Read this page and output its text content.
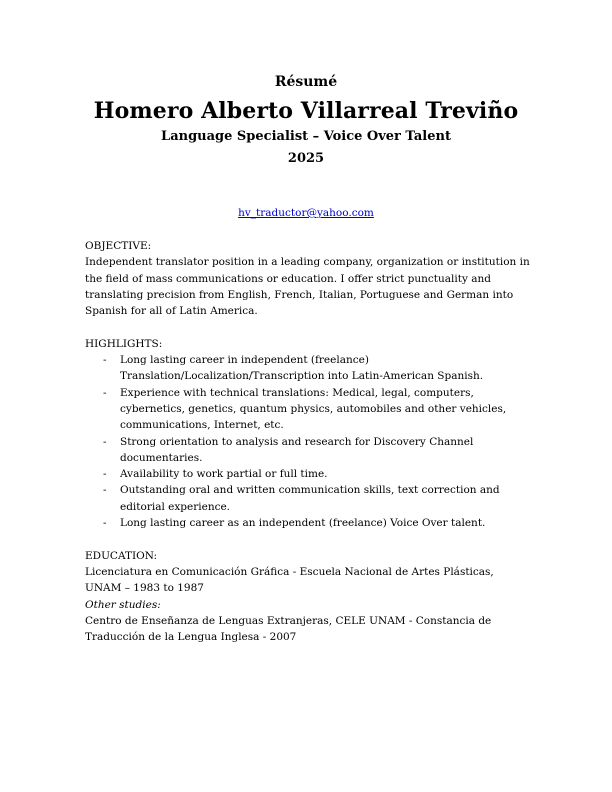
Résumé
Homero Alberto Villarreal Treviño
Language Specialist – Voice Over Talent
2025
hv_traductor@yahoo.com

OBJECTIVE:

Independent translator position in a leading company, organization or institution in the field of mass communications or education. I offer strict punctuality and translating precision from English, French, Italian, Portuguese and German into Spanish for all of Latin America.

HIGHLIGHTS:

- Long lasting career in independent (freelance) Translation/Localization/Transcription into Latin-American Spanish.
- Experience with technical translations: Medical, legal, computers, cybernetics, genetics, quantum physics, automobiles and other vehicles, communications, Internet, etc.
- Strong orientation to analysis and research for Discovery Channel documentaries.
- Availability to work partial or full time.
- Outstanding oral and written communication skills, text correction and editorial experience.
- Long lasting career as an independent (freelance) Voice Over talent.

EDUCATION:

Licenciatura en Comunicación Gráfica - Escuela Nacional de Artes Plásticas, UNAM – 1983 to 1987

Other studies:

Centro de Enseñanza de Lenguas Extranjeras, CELE UNAM - Constancia de Traducción de la Lengua Inglesa - 2007
